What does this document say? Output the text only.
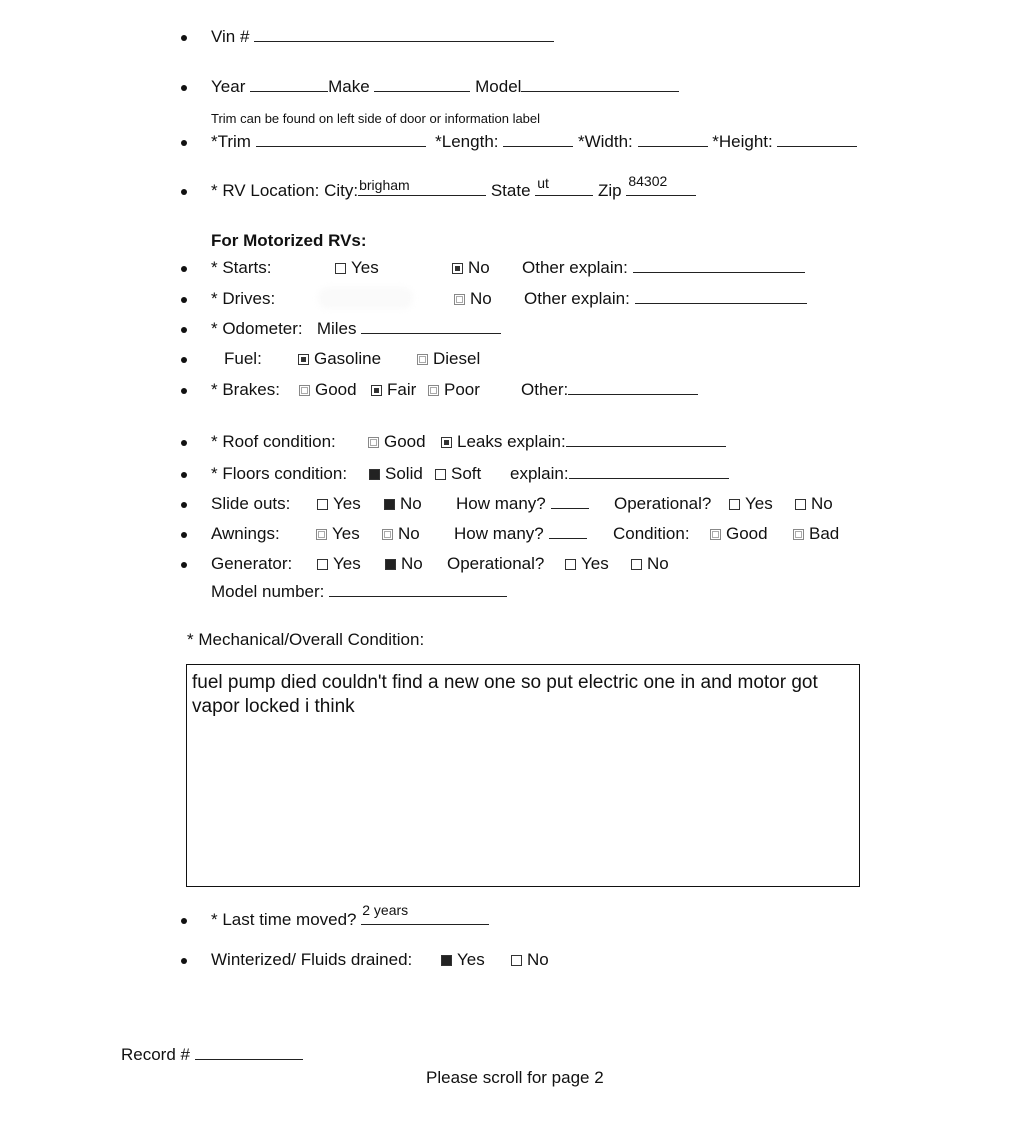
Vin #
Year	Make	Model
Trim can be found on left side of door or information label
*Trim	*Length:	*Width:	*Height:
* RV Location: City: brigham	State ut	Zip 84302
For Motorized RVs:
* Starts:	Yes	No Other explain:
* Drives:	No Other explain:
* Odometer: Miles
Fuel:	Gasoline	Diesel
* Brakes:	Good	Fair	Poor Other:
* Roof condition:	Good	Leaks explain:
* Floors condition:	Solid	Soft explain:
Slide outs:	Yes	No How many?	Operational?	Yes	No
Awnings:	Yes	No How many?	Condition:	Good	Bad
Generator:	Yes	No Operational?	Yes	No
Model number:
* Mechanical/Overall Condition:
fuel pump died couldn't find a new one so put electric one in and motor got vapor locked i think
* Last time moved? 2 years
Winterized/ Fluids drained:	Yes	No
Record #
Please scroll for page 2
